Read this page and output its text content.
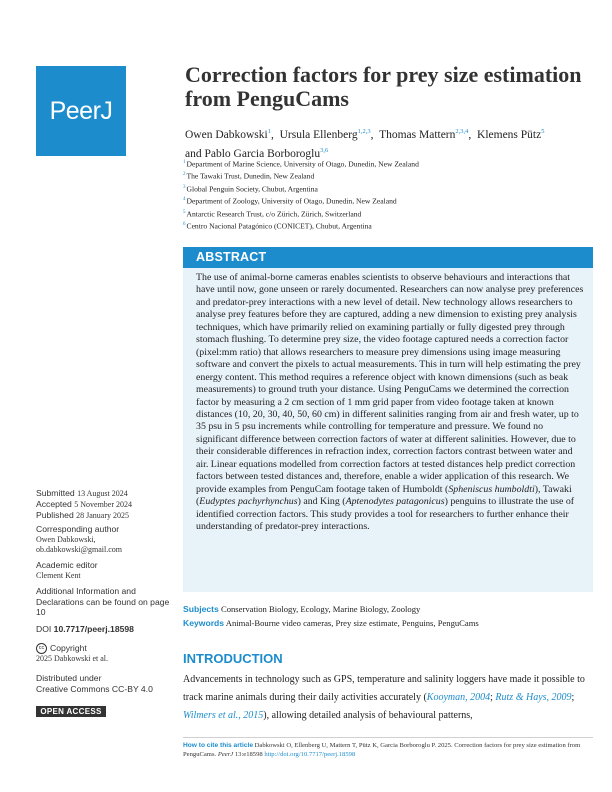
PeerJ
Correction factors for prey size estimation from PenguCams

Owen Dabkowski$^1$,  Ursula Ellenberg$^{1,2,3}$,  Thomas Mattern$^{2,3,4}$,  Klemens Pütz$^5$
and Pablo Garcia Borboroglu$^{3,6}$

$^1$Department of Marine Science, University of Otago, Dunedin, New Zealand
$^2$The Tawaki Trust, Dunedin, New Zealand
$^3$Global Penguin Society, Chubut, Argentina
$^4$Department of Zoology, University of Otago, Dunedin, New Zealand
$^5$Antarctic Research Trust, c/o Zürich, Zürich, Switzerland
$^6$Centro Nacional Patagónico (CONICET), Chubut, Argentina
ABSTRACT

The use of animal-borne cameras enables scientists to observe behaviours and interactions that have until now, gone unseen or rarely documented. Researchers can now analyse prey preferences and predator-prey interactions with a new level of detail. New technology allows researchers to analyse prey features before they are captured, adding a new dimension to existing prey analysis techniques, which have primarily relied on examining partially or fully digested prey through stomach flushing. To determine prey size, the video footage captured needs a correction factor (pixel:mm ratio) that allows researchers to measure prey dimensions using image measuring software and convert the pixels to actual measurements. This in turn will help estimating the prey energy content. This method requires a reference object with known dimensions (such as beak measurements) to ground truth your distance. Using PenguCams we determined the correction factor by measuring a 2 cm section of 1 mm grid paper from video footage taken at known distances (10, 20, 30, 40, 50, 60 cm) in different salinities ranging from air and fresh water, up to 35 psu in 5 psu increments while controlling for temperature and pressure. We found no significant difference between correction factors of water at different salinities. However, due to their considerable differences in refraction index, correction factors contrast between water and air. Linear equations modelled from correction factors at tested distances help predict correction factors between tested distances and, therefore, enable a wider application of this research. We provide examples from PenguCam footage taken of Humboldt (Spheniscus humboldti), Tawaki (Eudyptes pachyrhynchus) and King (Aptenodytes patagonicus) penguins to illustrate the use of identified correction factors. This study provides a tool for researchers to further enhance their understanding of predator-prey interactions.

Subjects Conservation Biology, Ecology, Marine Biology, Zoology

Keywords Animal-Bourne video cameras, Prey size estimate, Penguins, PenguCams

INTRODUCTION

Advancements in technology such as GPS, temperature and salinity loggers have made it possible to track marine animals during their daily activities accurately (Kooyman, 2004; Rutz & Hays, 2009; Wilmers et al., 2015), allowing detailed analysis of behavioural patterns,

Submitted 13 August 2024
Accepted 5 November 2024
Published 28 January 2025
Corresponding author
Owen Dabkowski,
ob.dabkowski@gmail.com
Academic editor
Clement Kent
Additional Information and Declarations can be found on page 10
DOI 10.7717/peerj.18598
cc Copyright
2025 Dabkowski et al.
Distributed under
Creative Commons CC-BY 4.0
OPEN ACCESS

How to cite this article Dabkowski O, Ellenberg U, Mattern T, Pütz K, Garcia Borboroglu P. 2025. Correction factors for prey size estimation from PenguCams. PeerJ 13:e18598 http://doi.org/10.7717/peerj.18598
